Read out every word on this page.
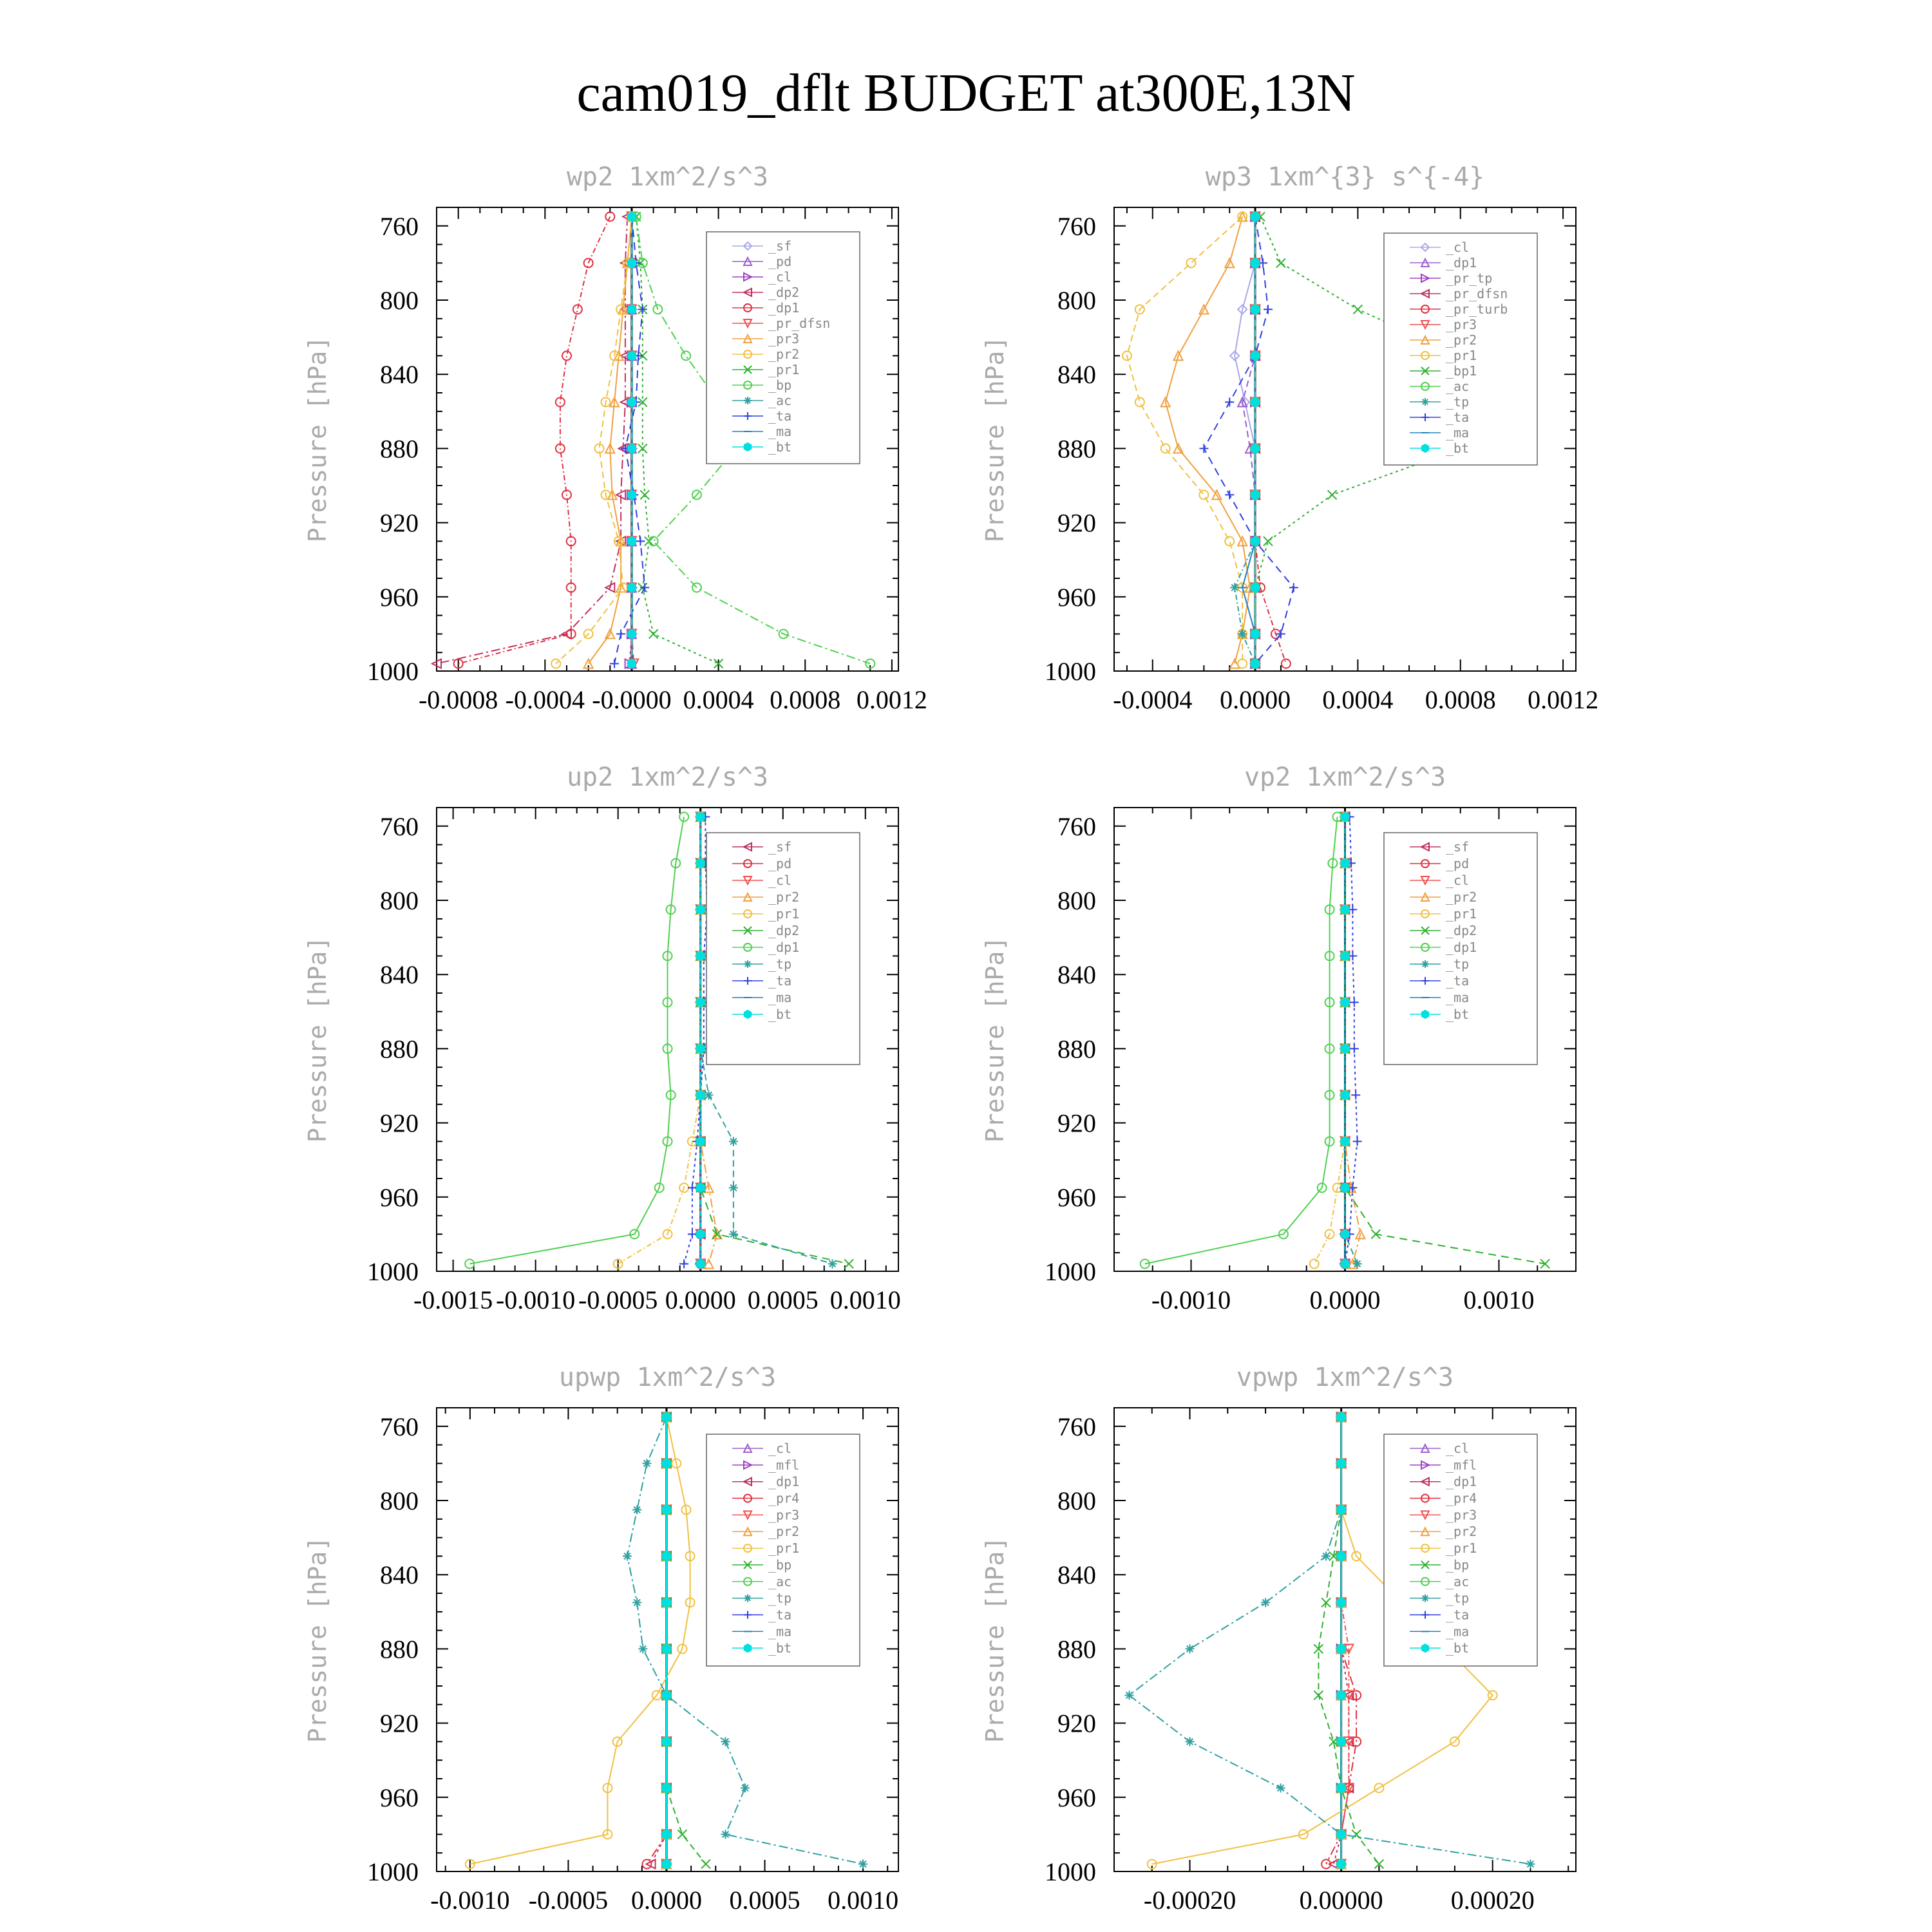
cam019_dflt BUDGET at300E,13N
wp2 1xm^2/s^3
Pressure [hPa]
760
800
840
880
920
960
1000
-0.0008 -0.0004 -0.0000 0.0004 0.0008 0.0012
_sf
_pd
_cl
_dp2
_dp1
_pr_dfsn
_pr3
_pr2
_pr1
_bp
_ac
_ta
_ma
_bt
wp3 1xm^{3} s^{-4}
Pressure [hPa]
760
800
840
880
920
960
1000
-0.0004 0.0000 0.0004 0.0008 0.0012
_cl
_dp1
_pr_tp
_pr_dfsn
_pr_turb
_pr3
_pr2
_pr1
_bp1
_ac
_tp
_ta
_ma
_bt
up2 1xm^2/s^3
Pressure [hPa]
760
800
840
880
920
960
1000
-0.0015 -0.0010 -0.0005 0.0000 0.0005 0.0010
_sf
_pd
_cl
_pr2
_pr1
_dp2
_dp1
_tp
_ta
_ma
_bt
vp2 1xm^2/s^3
Pressure [hPa]
760
800
840
880
920
960
1000
-0.0010	0.0000	0.0010
_sf
_pd
_cl
_pr2
_pr1
_dp2
_dp1
_tp
_ta
_ma
_bt
upwp 1xm^2/s^3
Pressure [hPa]
760
800
840
880
920
960
1000
-0.0010 -0.0005 0.0000 0.0005 0.0010
_cl
_mfl
_dp1
_pr4
_pr3
_pr2
_pr1
_bp
_ac
_tp
_ta
_ma
_bt
vpwp 1xm^2/s^3
Pressure [hPa]
760
800
840
880
920
960
1000
-0.00020 0.00000	0.00020
_cl
_mfl
_dp1
_pr4
_pr3
_pr2
_pr1
_bp
_ac
_tp
_ta
_ma
_bt
